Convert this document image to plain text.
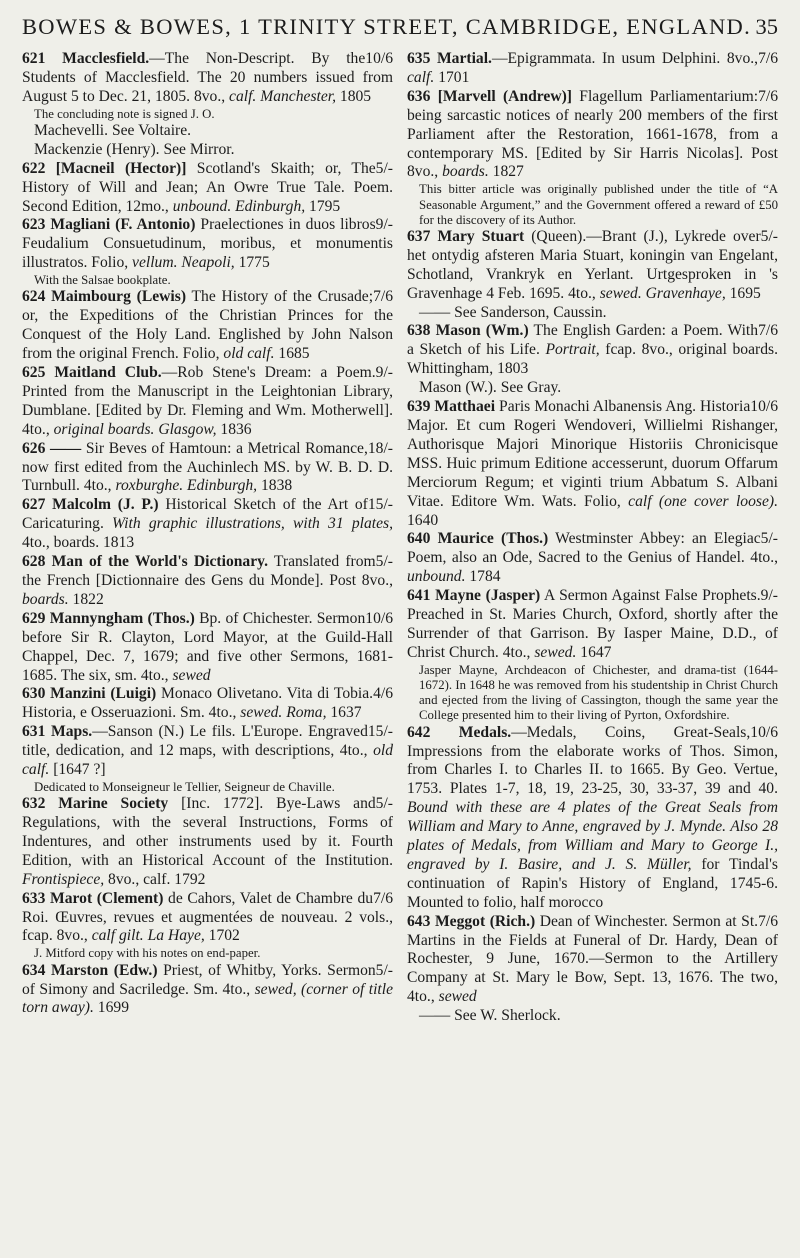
BOWES & BOWES, 1 TRINITY STREET, CAMBRIDGE, ENGLAND. 35
10/6
621 Macclesfield.—The Non-Descript. By the Students of Macclesfield. The 20 numbers issued from August 5 to Dec. 21, 1805. 8vo., calf. Manchester, 1805
The concluding note is signed J. O.
Machevelli. See Voltaire.
Mackenzie (Henry). See Mirror.
5/-
622 [Macneil (Hector)] Scotland's Skaith; or, The History of Will and Jean; An Owre True Tale. Poem. Second Edition, 12mo., unbound. Edinburgh, 1795
9/-
623 Magliani (F. Antonio) Praelectiones in duos libros Feudalium Consuetudinum, moribus, et monumentis illustratos. Folio, vellum. Neapoli, 1775
With the Salsae bookplate.
7/6
624 Maimbourg (Lewis) The History of the Crusade; or, the Expeditions of the Christian Princes for the Conquest of the Holy Land. Englished by John Nalson from the original French. Folio, old calf. 1685
9/-
625 Maitland Club.—Rob Stene's Dream: a Poem. Printed from the Manuscript in the Leightonian Library, Dumblane. [Edited by Dr. Fleming and Wm. Motherwell]. 4to., original boards. Glasgow, 1836
18/-
626 —— Sir Beves of Hamtoun: a Metrical Romance, now first edited from the Auchinlech MS. by W. B. D. D. Turnbull. 4to., roxburghe. Edinburgh, 1838
15/-
627 Malcolm (J. P.) Historical Sketch of the Art of Caricaturing. With graphic illustrations, with 31 plates, 4to., boards. 1813
5/-
628 Man of the World's Dictionary. Translated from the French [Dictionnaire des Gens du Monde]. Post 8vo., boards. 1822
10/6
629 Mannyngham (Thos.) Bp. of Chichester. Sermon before Sir R. Clayton, Lord Mayor, at the Guild-Hall Chappel, Dec. 7, 1679; and five other Sermons, 1681-1685. The six, sm. 4to., sewed
4/6
630 Manzini (Luigi) Monaco Olivetano. Vita di Tobia. Historia, e Osseruazioni. Sm. 4to., sewed. Roma, 1637
15/-
631 Maps.—Sanson (N.) Le fils. L'Europe. Engraved title, dedication, and 12 maps, with descriptions, 4to., old calf. [1647 ?]
Dedicated to Monseigneur le Tellier, Seigneur de Chaville.
5/-
632 Marine Society [Inc. 1772]. Bye-Laws and Regulations, with the several Instructions, Forms of Indentures, and other instruments used by it. Fourth Edition, with an Historical Account of the Institution. Frontispiece, 8vo., calf. 1792
7/6
633 Marot (Clement) de Cahors, Valet de Chambre du Roi. Œuvres, revues et augmentées de nouveau. 2 vols., fcap. 8vo., calf gilt. La Haye, 1702
J. Mitford copy with his notes on end-paper.
5/-
634 Marston (Edw.) Priest, of Whitby, Yorks. Sermon of Simony and Sacriledge. Sm. 4to., sewed, (corner of title torn away). 1699
7/6
635 Martial.—Epigrammata. In usum Delphini. 8vo., calf. 1701
7/6
636 [Marvell (Andrew)] Flagellum Parliamentarium: being sarcastic notices of nearly 200 members of the first Parliament after the Restoration, 1661-1678, from a contemporary MS. [Edited by Sir Harris Nicolas]. Post 8vo., boards. 1827
This bitter article was originally published under the title of “A Seasonable Argument,” and the Government offered a reward of £50 for the discovery of its Author.
5/-
637 Mary Stuart (Queen).—Brant (J.), Lykrede over het ontydig afsteren Maria Stuart, koningin van Engelant, Schotland, Vrankryk en Yerlant. Urtgesproken in 's Gravenhage 4 Feb. 1695. 4to., sewed. Gravenhaye, 1695
—— See Sanderson, Caussin.
7/6
638 Mason (Wm.) The English Garden: a Poem. With a Sketch of his Life. Portrait, fcap. 8vo., original boards. Whittingham, 1803
Mason (W.). See Gray.
10/6
639 Matthaei Paris Monachi Albanensis Ang. Historia Major. Et cum Rogeri Wendoveri, Willielmi Rishanger, Authorisque Majori Minorique Historiis Chronicisque MSS. Huic primum Editione accesserunt, duorum Offarum Merciorum Regum; et viginti trium Abbatum S. Albani Vitae. Editore Wm. Wats. Folio, calf (one cover loose). 1640
5/-
640 Maurice (Thos.) Westminster Abbey: an Elegiac Poem, also an Ode, Sacred to the Genius of Handel. 4to., unbound. 1784
9/-
641 Mayne (Jasper) A Sermon Against False Prophets. Preached in St. Maries Church, Oxford, shortly after the Surrender of that Garrison. By Iasper Maine, D.D., of Christ Church. 4to., sewed. 1647
Jasper Mayne, Archdeacon of Chichester, and drama-tist (1644-1672). In 1648 he was removed from his studentship in Christ Church and ejected from the living of Cassington, though the same year the College presented him to their living of Pyrton, Oxfordshire.
10/6
642 Medals.—Medals, Coins, Great-Seals, Impressions from the elaborate works of Thos. Simon, from Charles I. to Charles II. to 1665. By Geo. Vertue, 1753. Plates 1-7, 18, 19, 23-25, 30, 33-37, 39 and 40. Bound with these are 4 plates of the Great Seals from William and Mary to Anne, engraved by J. Mynde. Also 28 plates of Medals, from William and Mary to George I., engraved by I. Basire, and J. S. Müller, for Tindal's continuation of Rapin's History of England, 1745-6. Mounted to folio, half morocco
7/6
643 Meggot (Rich.) Dean of Winchester. Sermon at St. Martins in the Fields at Funeral of Dr. Hardy, Dean of Rochester, 9 June, 1670.—Sermon to the Artillery Company at St. Mary le Bow, Sept. 13, 1676. The two, 4to., sewed
—— See W. Sherlock.
